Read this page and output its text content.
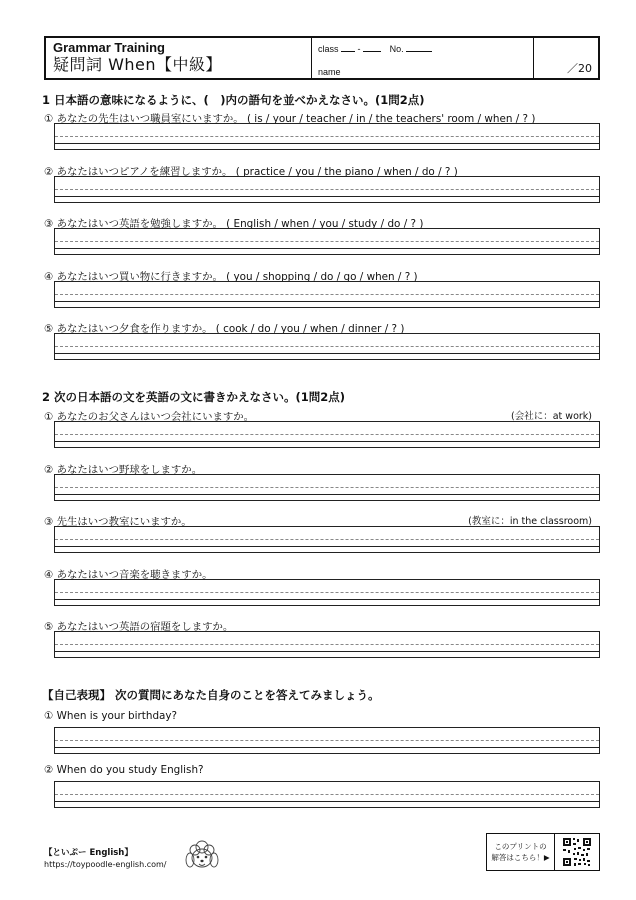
Grammar Training
疑問詞 When【中級】
class -	No.
name	／20
1 日本語の意味になるように、(　)内の語句を並べかえなさい。(1問2点)
① あなたの先生はいつ職員室にいますか。 ( is / your / teacher / in / the teachers' room / when / ? )
② あなたはいつピアノを練習しますか。 ( practice / you / the piano / when / do / ? )
③ あなたはいつ英語を勉強しますか。 ( English / when / you / study / do / ? )
④ あなたはいつ買い物に行きますか。 ( you / shopping / do / go / when / ? )
⑤ あなたはいつ夕食を作りますか。 ( cook / do / you / when / dinner / ? )
2 次の日本語の文を英語の文に書きかえなさい。(1問2点)
① あなたのお父さんはいつ会社にいますか。	(会社に：at work)
② あなたはいつ野球をしますか。
③ 先生はいつ教室にいますか。	(教室に：in the classroom)
④ あなたはいつ音楽を聴きますか。
⑤ あなたはいつ英語の宿題をしますか。
【自己表現】 次の質問にあなた自身のことを答えてみましょう。
① When is your birthday?
② When do you study English?
【といぷー English】
https://toypoodle-english.com/
このプリントの
解答はこちら！▶
